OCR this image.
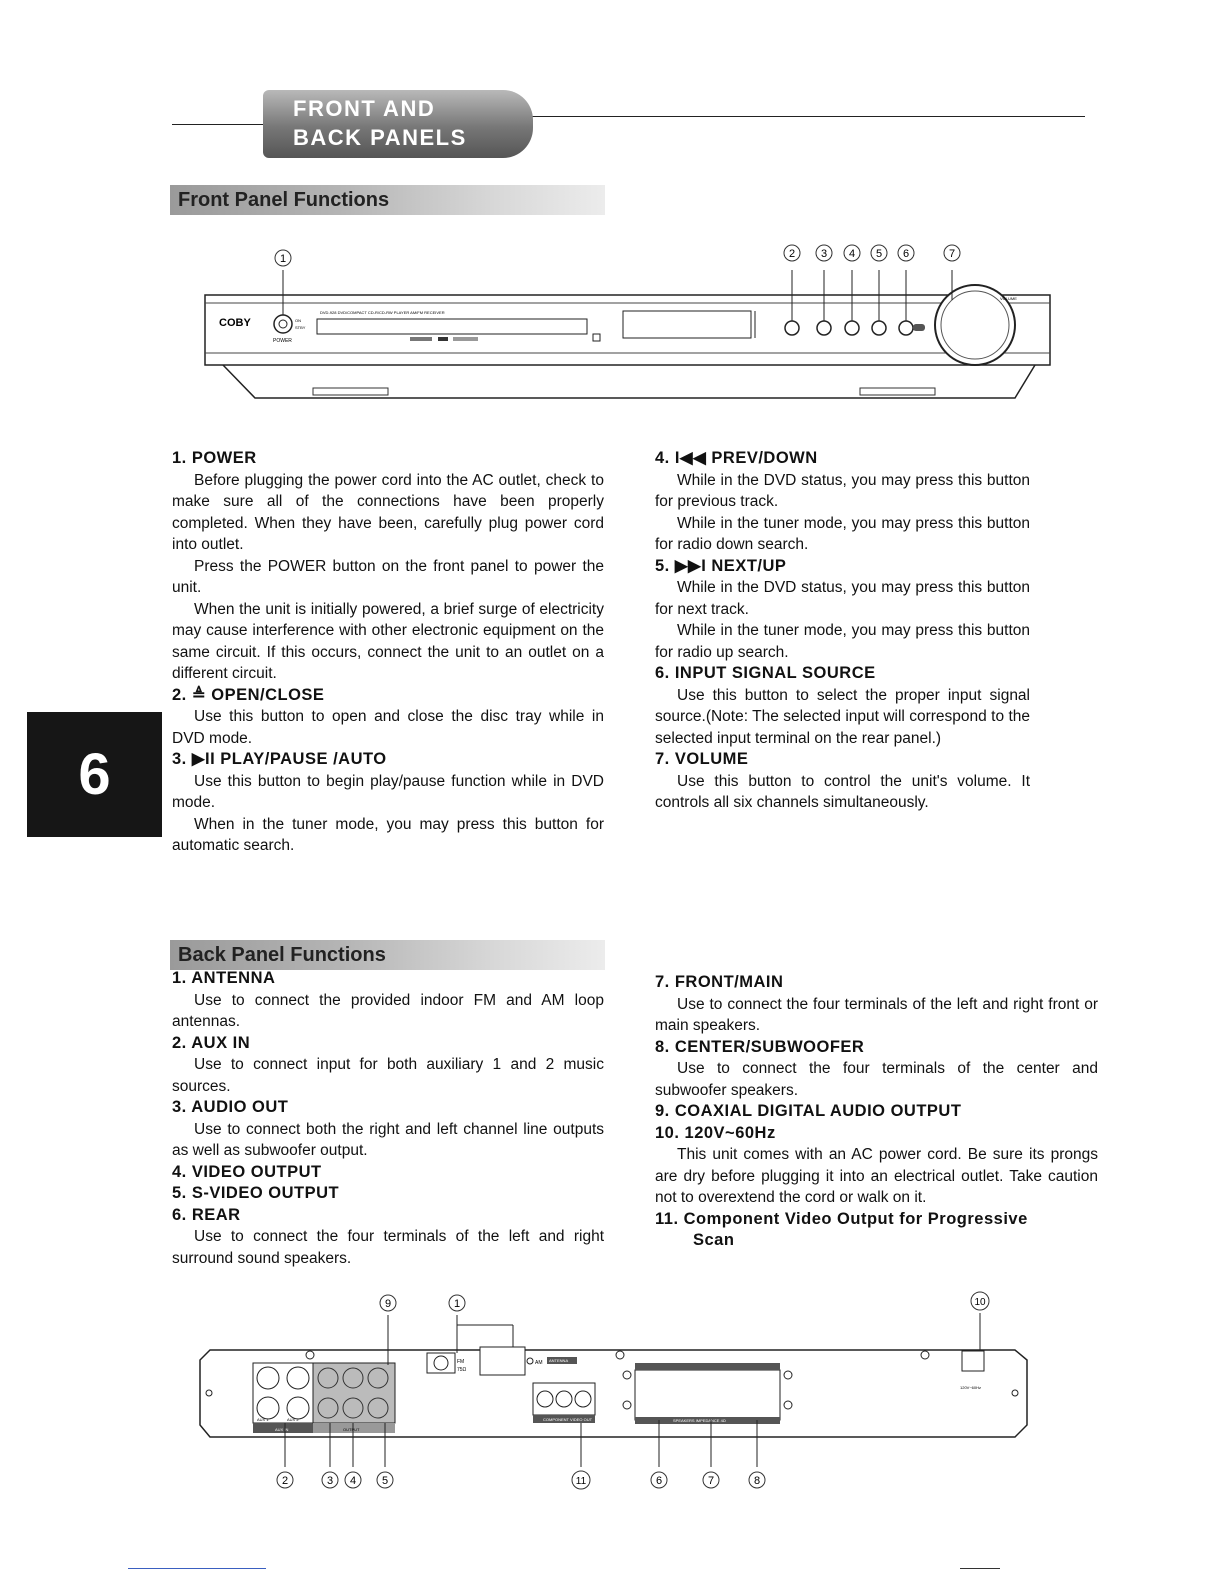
FRONT AND
BACK PANELS
Front Panel Functions
COBY
POWER
ON
STBY
DVD-928 DVD/COMPACT CD-R/CD-RW PLAYER AM/FM RECEIVER
VOLUME
1	2 3 4 5 6	7

1. POWER

Before plugging the power cord into the AC outlet, check to make sure all of the connections have been properly completed. When they have been, carefully plug power cord into outlet.

Press the POWER button on the front panel to power the unit.

When the unit is initially powered, a brief surge of electricity may cause interference with other electronic equipment on the same circuit. If this occurs, connect the unit to an outlet on a different circuit.

2. ≜ OPEN/CLOSE

Use this button to open and close the disc tray while in DVD mode.

3. ▶II PLAY/PAUSE /AUTO

Use this button to begin play/pause function while in DVD mode.

When in the tuner mode, you may press this button for automatic search.

4. I◀◀ PREV/DOWN

While in the DVD status, you may press this button for previous track.

While in the tuner mode, you may press this button for radio down search.

5. ▶▶I NEXT/UP

While in the DVD status, you may press this button for next track.

While in the tuner mode, you may press this button for radio up search.

6. INPUT SIGNAL SOURCE

Use this button to select the proper input signal source.(Note: The selected input will correspond to the selected input terminal on the rear panel.)

7. VOLUME

Use this button to control the unit's volume. It controls all six channels simultaneously.

6
Back Panel Functions

1. ANTENNA

Use to connect the provided indoor FM and AM loop antennas.

2. AUX IN

Use to connect input for both auxiliary 1 and 2 music sources.

3. AUDIO OUT

Use to connect both the right and left channel line outputs as well as subwoofer output.

4. VIDEO OUTPUT

5. S-VIDEO OUTPUT

6. REAR

Use to connect the four terminals of the left and right surround sound speakers.

7. FRONT/MAIN

Use to connect the four terminals of the left and right front or main speakers.

8. CENTER/SUBWOOFER

Use to connect the four terminals of the center and subwoofer speakers.

9. COAXIAL DIGITAL AUDIO OUTPUT

10. 120V~60Hz

This unit comes with an AC power cord. Be sure its prongs are dry before plugging it into an electrical outlet. Take caution not to overextend the cord or walk on it.

11. Component Video Output for Progressive

Scan

AUX 1	AUX 2
AUX IN	OUTPUT
FM
75Ω
AM ANTENNA
COMPONENT VIDEO OUT	SPEAKERS IMPEDANCE 4Ω
120V~60Hz
9	1	10
2	3 4 5	11	6	7	8
